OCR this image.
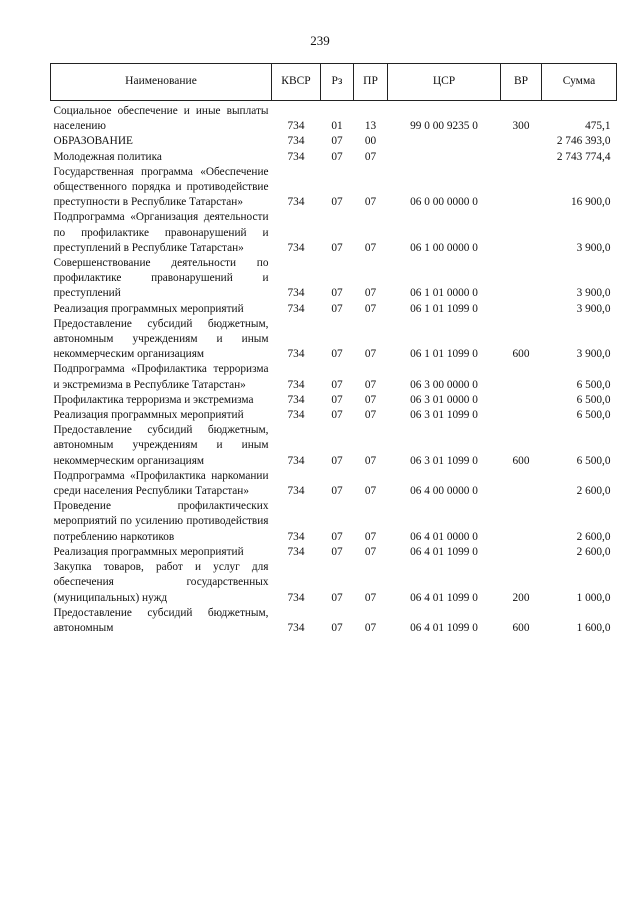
239
Наименование	КВСР	Рз	ПР	ЦСР	ВР	Сумма
Социальное обеспечение и иные выплаты населению	734	01	13	99 0 00 9235 0	300	475,1
ОБРАЗОВАНИЕ	734	07	00			2 746 393,0
Молодежная политика	734	07	07			2 743 774,4
Государственная программа «Обеспечение общественного порядка и противодействие преступности в Республике Татарстан»	734	07	07	06 0 00 0000 0		16 900,0
Подпрограмма «Организация деятельности по профилактике правонарушений и преступлений в Республике Татарстан»	734	07	07	06 1 00 0000 0		3 900,0
Совершенствование деятельности по профилактике правонарушений и преступлений	734	07	07	06 1 01 0000 0		3 900,0
Реализация программных мероприятий	734	07	07	06 1 01 1099 0		3 900,0
Предоставление субсидий бюджетным, автономным учреждениям и иным некоммерческим организациям	734	07	07	06 1 01 1099 0	600	3 900,0
Подпрограмма «Профилактика терроризма и экстремизма в Республике Татарстан»	734	07	07	06 3 00 0000 0		6 500,0
Профилактика терроризма и экстремизма	734	07	07	06 3 01 0000 0		6 500,0
Реализация программных мероприятий	734	07	07	06 3 01 1099 0		6 500,0
Предоставление субсидий бюджетным, автономным учреждениям и иным некоммерческим организациям	734	07	07	06 3 01 1099 0	600	6 500,0
Подпрограмма «Профилактика наркомании среди населения Республики Татарстан»	734	07	07	06 4 00 0000 0		2 600,0
Проведение профилактических мероприятий по усилению противодействия потреблению наркотиков	734	07	07	06 4 01 0000 0		2 600,0
Реализация программных мероприятий	734	07	07	06 4 01 1099 0		2 600,0
Закупка товаров, работ и услуг для обеспечения государственных (муниципальных) нужд	734	07	07	06 4 01 1099 0	200	1 000,0
Предоставление субсидий бюджетным, автономным	734	07	07	06 4 01 1099 0	600	1 600,0
